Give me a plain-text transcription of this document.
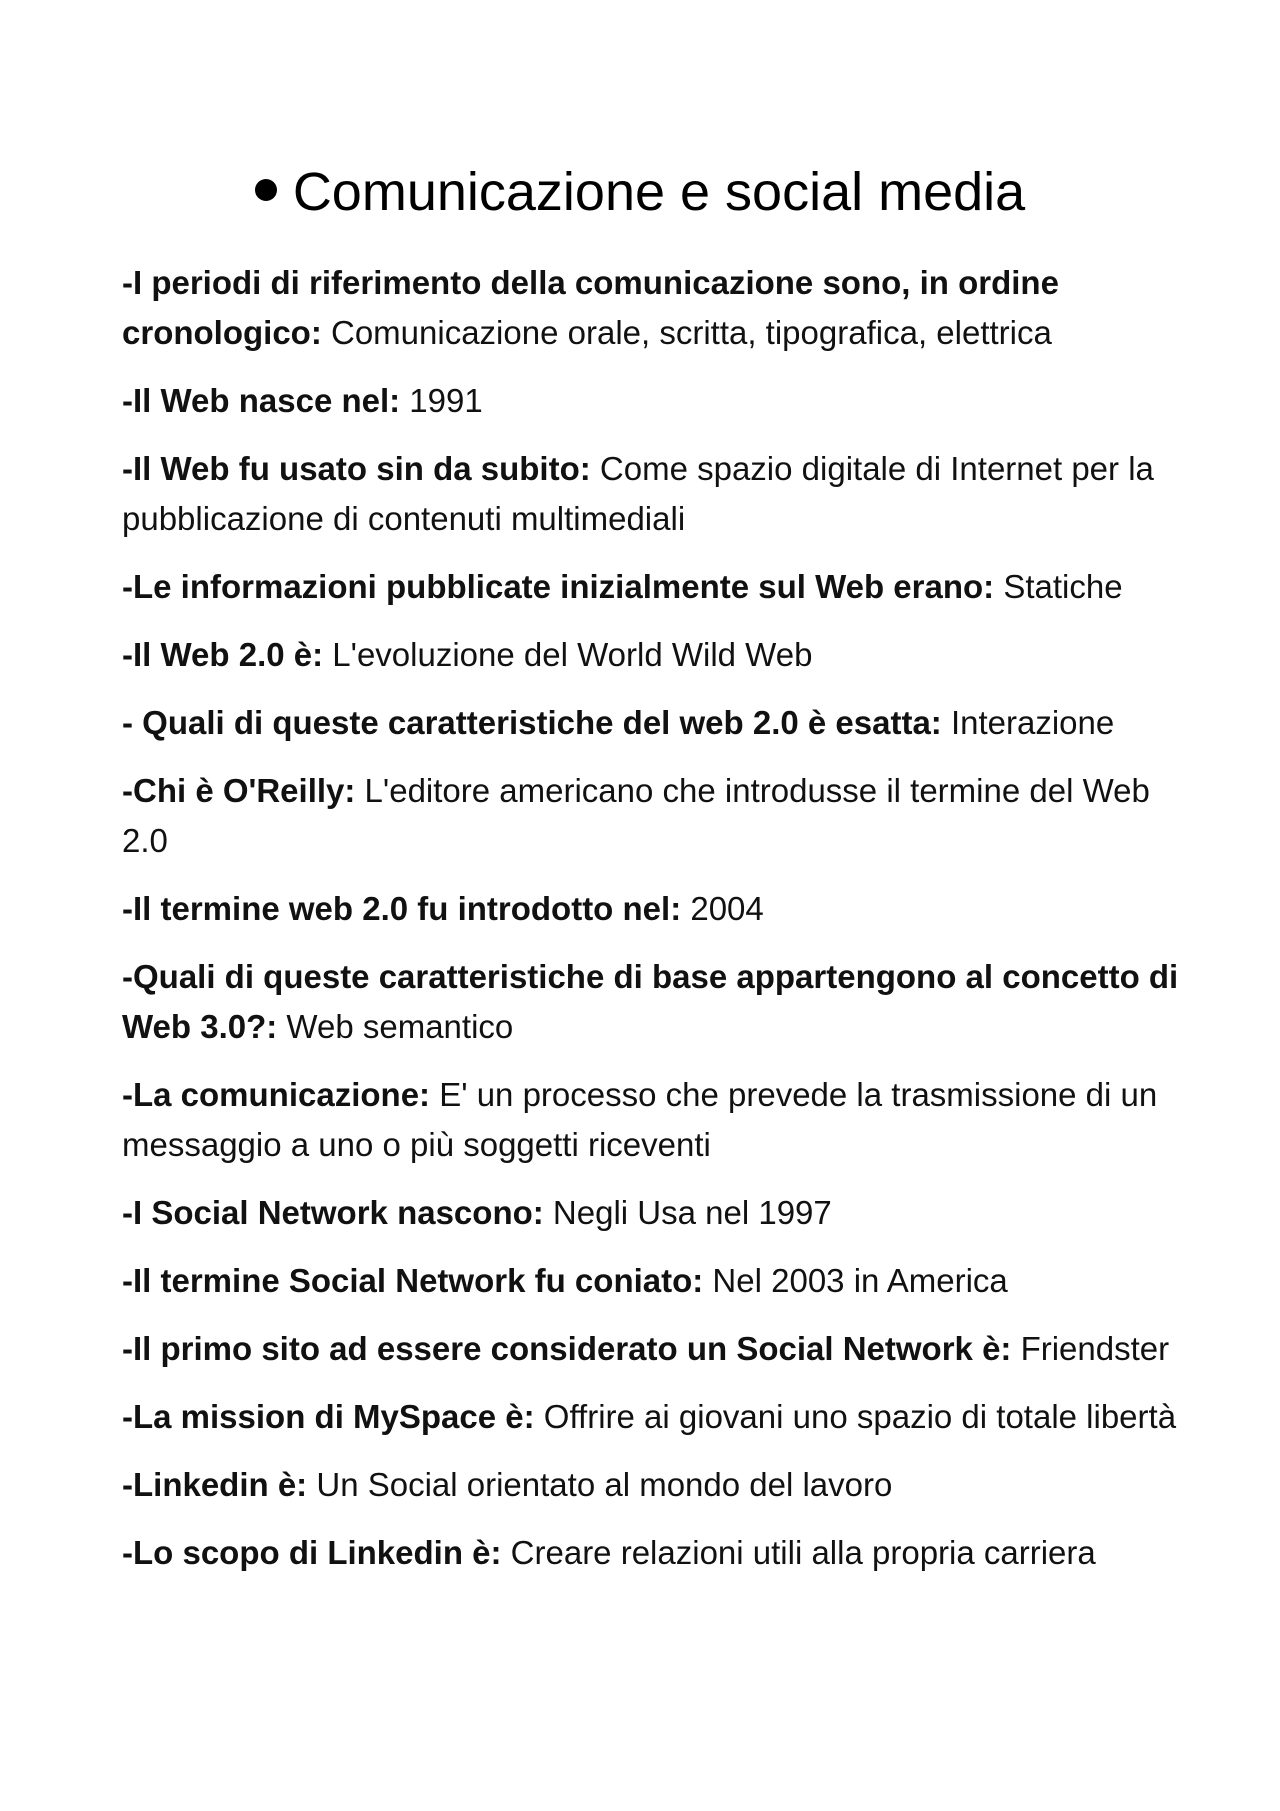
Comunicazione e social media
-I periodi di riferimento della comunicazione sono, in ordine cronologico: Comunicazione orale, scritta, tipografica, elettrica
-Il Web nasce nel: 1991
-Il Web fu usato sin da subito: Come spazio digitale di Internet per la pubblicazione di contenuti multimediali
-Le informazioni pubblicate inizialmente sul Web erano: Statiche
-Il Web 2.0 è: L'evoluzione del World Wild Web
- Quali di queste caratteristiche del web 2.0 è esatta: Interazione
-Chi è O'Reilly: L'editore americano che introdusse il termine del Web 2.0
-Il termine web 2.0 fu introdotto nel: 2004
-Quali di queste caratteristiche di base appartengono al concetto di Web 3.0?: Web semantico
-La comunicazione: E' un processo che prevede la trasmissione di un messaggio a uno o più soggetti riceventi
-I Social Network nascono: Negli Usa nel 1997
-Il termine Social Network fu coniato: Nel 2003 in America
-Il primo sito ad essere considerato un Social Network è: Friendster
-La mission di MySpace è: Offrire ai giovani uno spazio di totale libertà
-Linkedin è: Un Social orientato al mondo del lavoro
-Lo scopo di Linkedin è: Creare relazioni utili alla propria carriera
